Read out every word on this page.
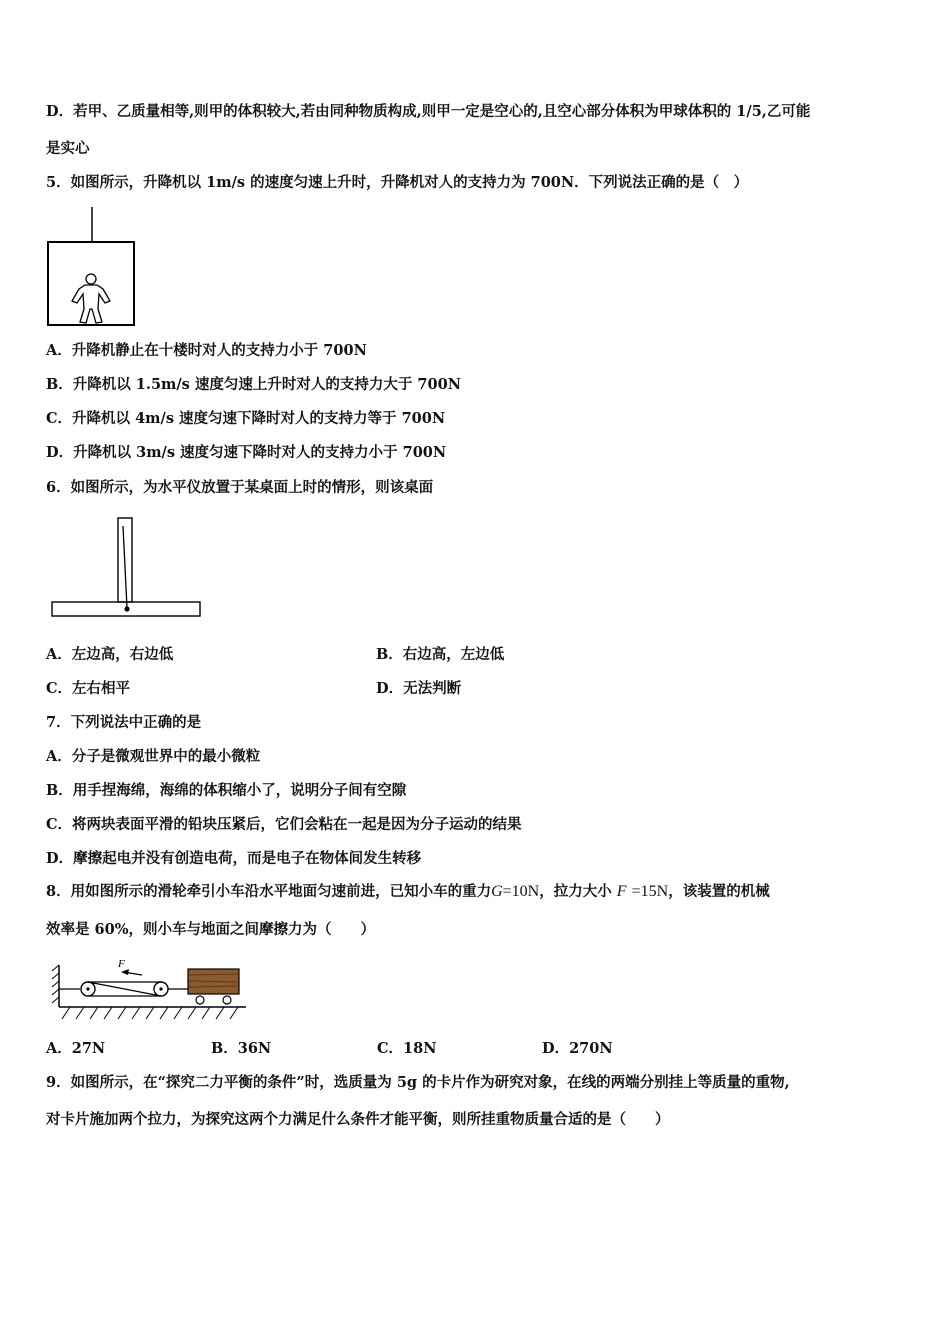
D．若甲、乙质量相等,则甲的体积较大,若由同种物质构成,则甲一定是空心的,且空心部分体积为甲球体积的 1/5,乙可能
是实心
5．如图所示，升降机以 1m/s 的速度匀速上升时，升降机对人的支持力为 700N．下列说法正确的是（　）
A．升降机静止在十楼时对人的支持力小于 700N
B．升降机以 1.5m/s 速度匀速上升时对人的支持力大于 700N
C．升降机以 4m/s 速度匀速下降时对人的支持力等于 700N
D．升降机以 3m/s 速度匀速下降时对人的支持力小于 700N
6．如图所示，为水平仪放置于某桌面上时的情形，则该桌面
A．左边高，右边低	B．右边高，左边低
C．左右相平	D．无法判断
7．下列说法中正确的是
A．分子是微观世界中的最小微粒
B．用手捏海绵，海绵的体积缩小了，说明分子间有空隙
C．将两块表面平滑的铅块压紧后，它们会粘在一起是因为分子运动的结果
D．摩擦起电并没有创造电荷，而是电子在物体间发生转移
8．用如图所示的滑轮牵引小车沿水平地面匀速前进，已知小车的重力G=10N，拉力大小 F =15N，该装置的机械
效率是 60%，则小车与地面之间摩擦力为（　　）
F
A．27N	B．36N	C．18N	D．270N
9．如图所示，在“探究二力平衡的条件”时，选质量为 5g 的卡片作为研究对象，在线的两端分别挂上等质量的重物,
对卡片施加两个拉力，为探究这两个力满足什么条件才能平衡，则所挂重物质量合适的是（　　）
